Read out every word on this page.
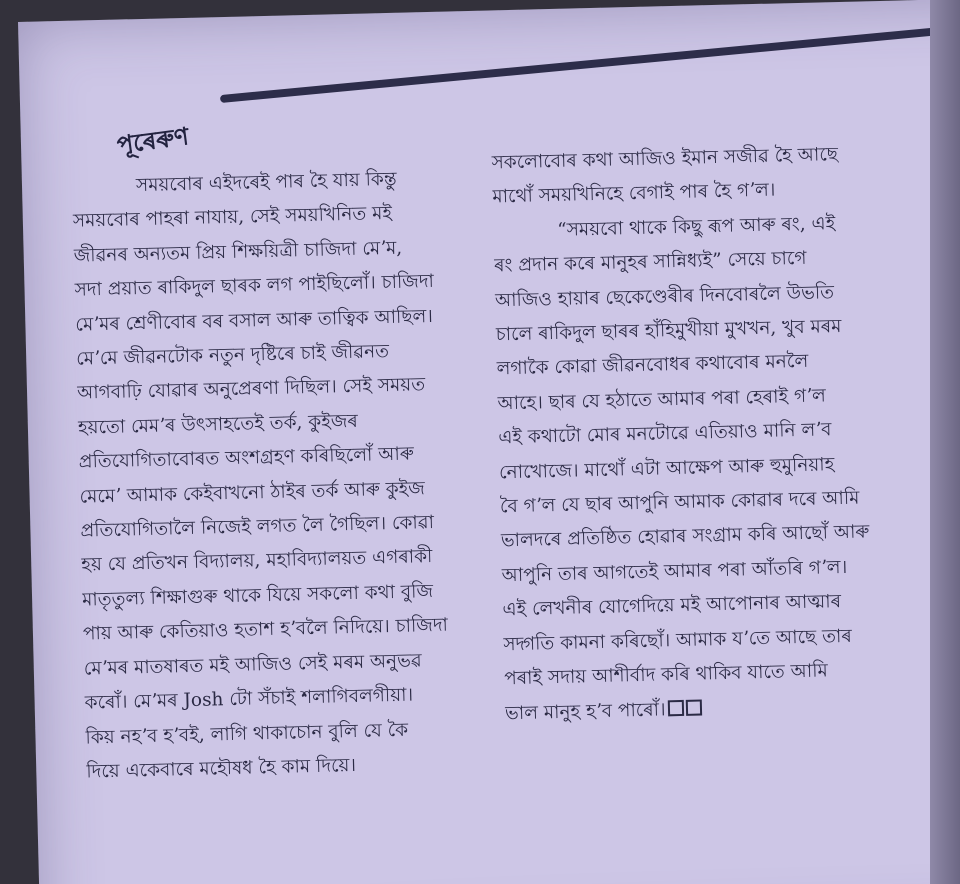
পূৰেৰুণ
সময়বোৰ এইদৰেই পাৰ হৈ যায় কিন্তু
সময়বোৰ পাহৰা নাযায়, সেই সময়খিনিত মই
জীৱনৰ অন্যতম প্ৰিয় শিক্ষয়িত্ৰী চাজিদা মেʼম,
সদা প্ৰয়াত ৰাকিদুল ছাৰক লগ পাইছিলোঁ। চাজিদা
মেʼমৰ শ্ৰেণীবোৰ বৰ বসাল আৰু তাত্বিক আছিল।
মেʼমে জীৱনটোক নতুন দৃষ্টিৰে চাই জীৱনত
আগবাঢ়ি যোৱাৰ অনুপ্ৰেৰণা দিছিল। সেই সময়ত
হয়তো মেমʼৰ উৎসাহতেই তৰ্ক, কুইজৰ
প্ৰতিযোগিতাবোৰত অংশগ্ৰহণ কৰিছিলোঁ আৰু
মেমেʼ আমাক কেইবাখনো ঠাইৰ তৰ্ক আৰু কুইজ
প্ৰতিযোগিতালৈ নিজেই লগত লৈ গৈছিল। কোৱা
হয় যে প্ৰতিখন বিদ্যালয়, মহাবিদ্যালয়ত এগৰাকী
মাতৃতুল্য শিক্ষাগুৰু থাকে যিয়ে সকলো কথা বুজি
পায় আৰু কেতিয়াও হতাশ হʼবলৈ নিদিয়ে। চাজিদা
মেʼমৰ মাতষাৰত মই আজিও সেই মৰম অনুভৱ
কৰোঁ। মেʼমৰ Josh টো সঁচাই শলাগিবলগীয়া।
কিয় নহʼব হʼবই, লাগি থাকাচোন বুলি যে কৈ
দিয়ে একেবাৰে মহৌষধ হৈ কাম দিয়ে।
সকলোবোৰ কথা আজিও ইমান সজীৱ হৈ আছে
মাথোঁ সময়খিনিহে বেগাই পাৰ হৈ গʼল।
“সময়বো থাকে কিছু ৰূপ আৰু ৰং, এই
ৰং প্ৰদান কৰে মানুহৰ সান্নিধ্যই” সেয়ে চাগে
আজিও হায়াৰ ছেকেণ্ডেৰীৰ দিনবোৰলৈ উভতি
চালে ৰাকিদুল ছাৰৰ হাঁহিমুখীয়া মুখখন, খুব মৰম
লগাকৈ কোৱা জীৱনবোধৰ কথাবোৰ মনলৈ
আহে। ছাৰ যে হঠাতে আমাৰ পৰা হেৰাই গʼল
এই কথাটো মোৰ মনটোৱে এতিয়াও মানি লʼব
নোখোজে। মাথোঁ এটা আক্ষেপ আৰু হুমুনিয়াহ
বৈ গʼল যে ছাৰ আপুনি আমাক কোৱাৰ দৰে আমি
ভালদৰে প্ৰতিষ্ঠিত হোৱাৰ সংগ্ৰাম কৰি আছোঁ আৰু
আপুনি তাৰ আগতেই আমাৰ পৰা আঁতৰি গʼল।
এই লেখনীৰ যোগেদিয়ে মই আপোনাৰ আত্মাৰ
সদ্গতি কামনা কৰিছোঁ। আমাক যʼতে আছে তাৰ
পৰাই সদায় আশীৰ্বাদ কৰি থাকিব যাতে আমি
ভাল মানুহ হʼব পাৰোঁ।
